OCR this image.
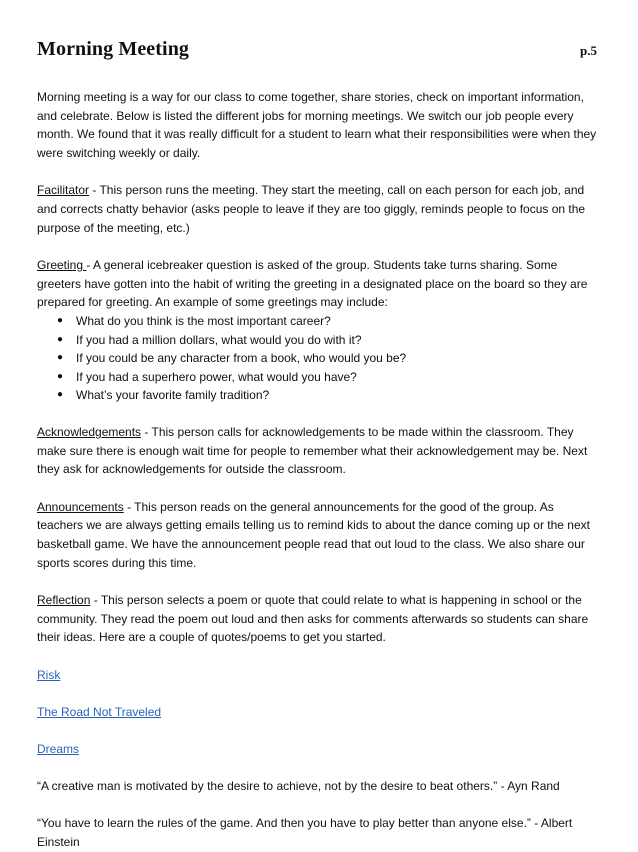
Morning Meeting	p.5

Morning meeting is a way for our class to come together, share stories, check on important information, and celebrate. Below is listed the different jobs for morning meetings. We switch our job people every month. We found that it was really difficult for a student to learn what their responsibilities were when they were switching weekly or daily.

Facilitator - This person runs the meeting. They start the meeting, call on each person for each job, and and corrects chatty behavior (asks people to leave if they are too giggly, reminds people to focus on the purpose of the meeting, etc.)

Greeting - A general icebreaker question is asked of the group. Students take turns sharing. Some greeters have gotten into the habit of writing the greeting in a designated place on the board so they are prepared for greeting. An example of some greetings may include:

● What do you think is the most important career?
● If you had a million dollars, what would you do with it?
● If you could be any character from a book, who would you be?
● If you had a superhero power, what would you have?
● What’s your favorite family tradition?

Acknowledgements - This person calls for acknowledgements to be made within the classroom. They make sure there is enough wait time for people to remember what their acknowledgement may be. Next they ask for acknowledgements for outside the classroom.

Announcements - This person reads on the general announcements for the good of the group. As teachers we are always getting emails telling us to remind kids to about the dance coming up or the next basketball game. We have the announcement people read that out loud to the class. We also share our sports scores during this time.

Reflection - This person selects a poem or quote that could relate to what is happening in school or the community. They read the poem out loud and then asks for comments afterwards so students can share their ideas. Here are a couple of quotes/poems to get you started.

Risk

The Road Not Traveled

Dreams

“A creative man is motivated by the desire to achieve, not by the desire to beat others.” - Ayn Rand

“You have to learn the rules of the game. And then you have to play better than anyone else.” - Albert Einstein
